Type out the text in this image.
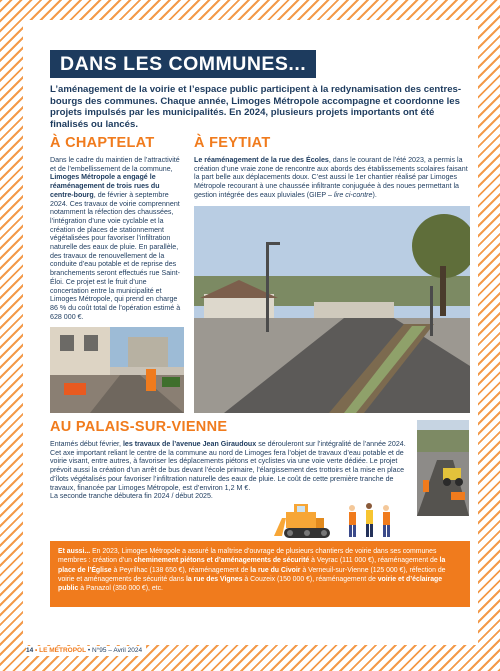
DANS LES COMMUNES...

L’aménagement de la voirie et l’espace public participent à la redynamisation des centres-bourgs des communes. Chaque année, Limoges Métropole accompagne et coordonne les projets impulsés par les municipalités. En 2024, plusieurs projets importants ont été finalisés ou lancés.

À CHAPTELAT

Dans le cadre du maintien de l’attractivité et de l’embellissement de la commune, Limoges Métropole a engagé le réaménagement de trois rues du centre-bourg, de février à septembre 2024. Ces travaux de voirie comprennent notamment la réfection des chaussées, l’intégration d’une voie cyclable et la création de places de stationnement végétalisées pour favoriser l’infiltration naturelle des eaux de pluie. En parallèle, des travaux de renouvellement de la conduite d’eau potable et de reprise des branchements seront effectués rue Saint-Éloi. Ce projet est le fruit d’une concertation entre la municipalité et Limoges Métropole, qui prend en charge 86 % du coût total de l’opération estimé à 628 000 €.

À FEYTIAT

Le réaménagement de la rue des Écoles, dans le courant de l’été 2023, a permis la création d’une vraie zone de rencontre aux abords des établissements scolaires faisant la part belle aux déplacements doux. C’est aussi le 1er chantier réalisé par Limoges Métropole recourant à une chaussée infiltrante conjuguée à des noues permettant la gestion intégrée des eaux pluviales (GIEP – lire ci-contre).

AU PALAIS-SUR-VIENNE

Entamés début février, les travaux de l’avenue Jean Giraudoux se dérouleront sur l’intégralité de l’année 2024. Cet axe important reliant le centre de la commune au nord de Limoges fera l’objet de travaux d’eau potable et de voirie visant, entre autres, à favoriser les déplacements piétons et cyclistes via une voie verte dédiée. Le projet prévoit aussi la création d’un arrêt de bus devant l’école primaire, l’élargissement des trottoirs et la mise en place d’îlots végétalisés pour favoriser l’infiltration naturelle des eaux de pluie. Le coût de cette première tranche de travaux, financée par Limoges Métropole, est d’environ 1,2 M €.
La seconde tranche débutera fin 2024 / début 2025.

Et aussi... En 2023, Limoges Métropole a assuré la maîtrise d’ouvrage de plusieurs chantiers de voirie dans ses communes membres : création d’un cheminement piétons et d’aménagements de sécurité à Veyrac (111 000 €), réaménagement de la place de l’Église à Peyrilhac (138 650 €), réaménagement de la rue du Civoir à Verneuil-sur-Vienne (125 000 €), réfection de voirie et aménagements de sécurité dans la rue des Vignes à Couzeix (150 000 €), réaménagement de voirie et d’éclairage public à Panazol (350 000 €), etc.

14 • LE MÉTROPOL • N°95 – Avril 2024
